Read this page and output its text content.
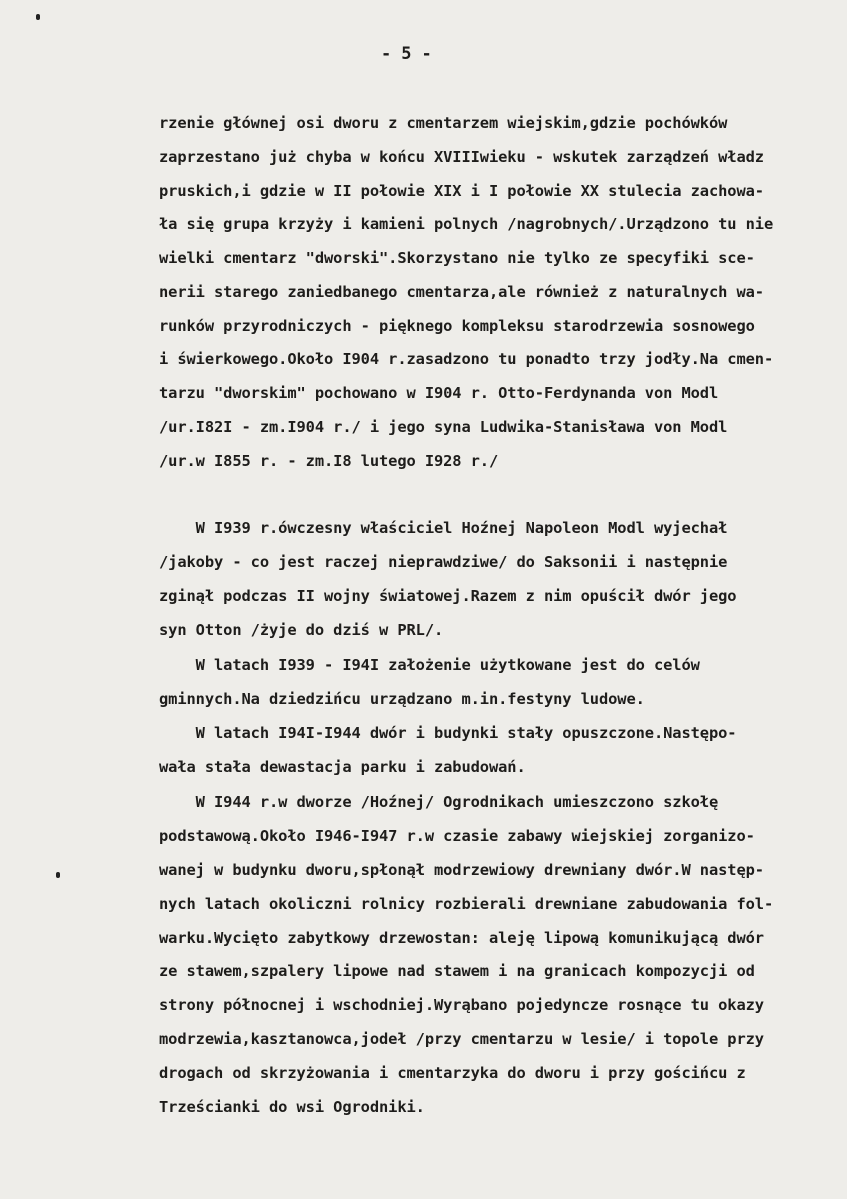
- 5 -
rzenie głównej osi dworu z cmentarzem wiejskim,gdzie pochówków
zaprzestano już chyba w końcu XVIIIwieku - wskutek zarządzeń władz
pruskich,i gdzie w II połowie XIX i I połowie XX stulecia zachowa-
ła się grupa krzyży i kamieni polnych /nagrobnych/.Urządzono tu nie
wielki cmentarz "dworski".Skorzystano nie tylko ze specyfiki sce-
nerii starego zaniedbanego cmentarza,ale również z naturalnych wa-
runków przyrodniczych - pięknego kompleksu starodrzewia sosnowego
i świerkowego.Około I904 r.zasadzono tu ponadto trzy jodły.Na cmen-
tarzu "dworskim" pochowano w I904 r. Otto-Ferdynanda von Modl
/ur.I82I - zm.I904 r./ i jego syna Ludwika-Stanisława von Modl
/ur.w I855 r. - zm.I8 lutego I928 r./
W I939 r.ówczesny właściciel Hoźnej Napoleon Modl wyjechał
/jakoby - co jest raczej nieprawdziwe/ do Saksonii i następnie
zginął podczas II wojny światowej.Razem z nim opuścił dwór jego
syn Otton /żyje do dziś w PRL/.
W latach I939 - I94I założenie użytkowane jest do celów
gminnych.Na dziedzińcu urządzano m.in.festyny ludowe.
W latach I94I-I944 dwór i budynki stały opuszczone.Następo-
wała stała dewastacja parku i zabudowań.
W I944 r.w dworze /Hoźnej/ Ogrodnikach umieszczono szkołę
podstawową.Około I946-I947 r.w czasie zabawy wiejskiej zorganizo-
wanej w budynku dworu,spłonął modrzewiowy drewniany dwór.W następ-
nych latach okoliczni rolnicy rozbierali drewniane zabudowania fol-
warku.Wycięto zabytkowy drzewostan: aleję lipową komunikującą dwór
ze stawem,szpalery lipowe nad stawem i na granicach kompozycji od
strony północnej i wschodniej.Wyrąbano pojedyncze rosnące tu okazy
modrzewia,kasztanowca,jodeł /przy cmentarzu w lesie/ i topole przy
drogach od skrzyżowania i cmentarzyka do dworu i przy gościńcu z
Trześcianki do wsi Ogrodniki.
